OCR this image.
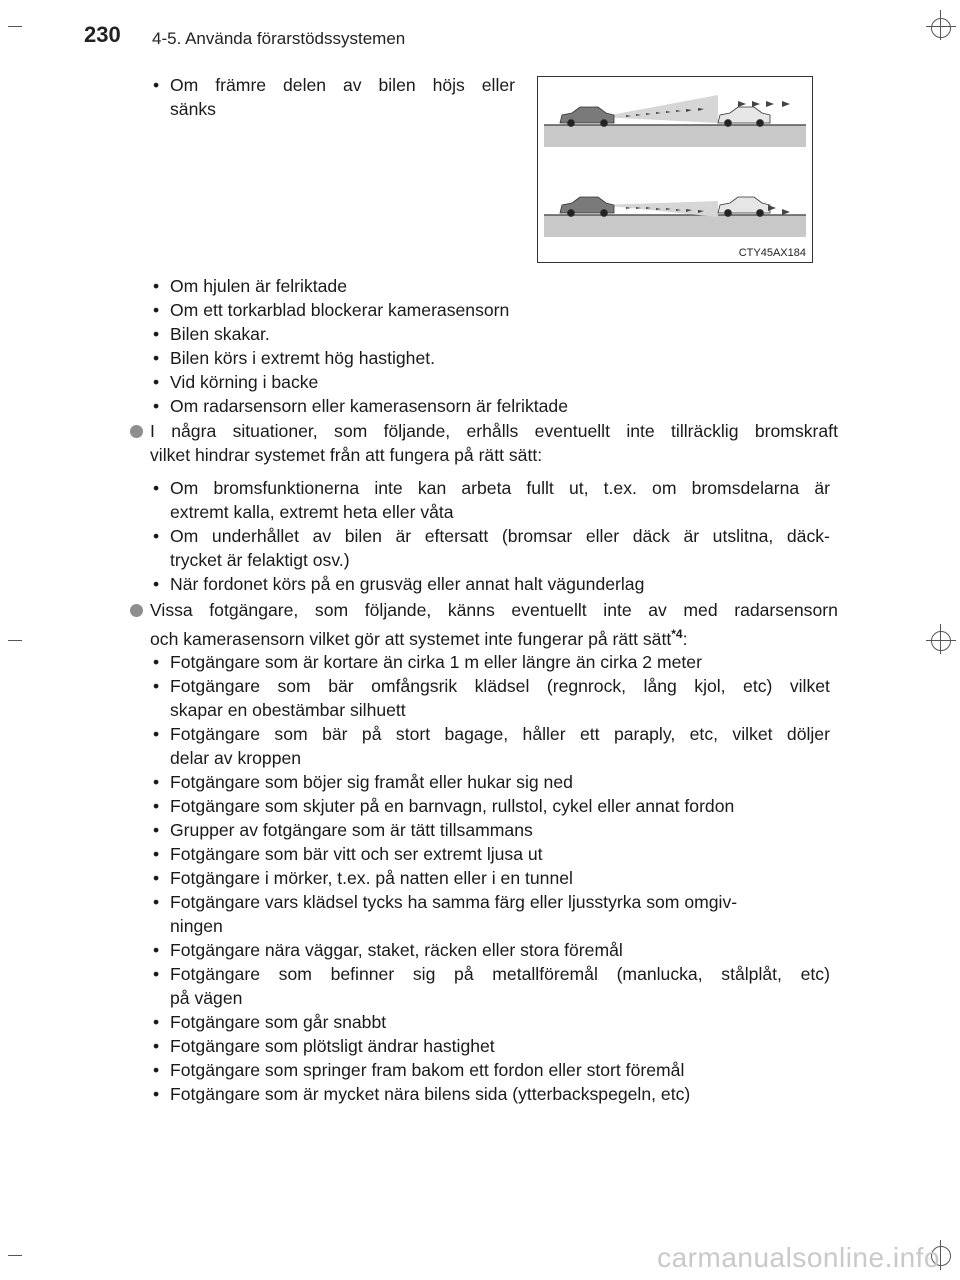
230 4-5. Använda förarstödssystemen
CTY45AX184
• Om främre delen av bilen höjs eller
sänks
• Om hjulen är felriktade
• Om ett torkarblad blockerar kamerasensorn
• Bilen skakar.
• Bilen körs i extremt hög hastighet.
• Vid körning i backe
• Om radarsensorn eller kamerasensorn är felriktade
I några situationer, som följande, erhålls eventuellt inte tillräcklig bromskraft
vilket hindrar systemet från att fungera på rätt sätt:
• Om bromsfunktionerna inte kan arbeta fullt ut, t.ex. om bromsdelarna är
extremt kalla, extremt heta eller våta
• Om underhållet av bilen är eftersatt (bromsar eller däck är utslitna, däck-
trycket är felaktigt osv.)
• När fordonet körs på en grusväg eller annat halt vägunderlag
Vissa fotgängare, som följande, känns eventuellt inte av med radarsensorn
och kamerasensorn vilket gör att systemet inte fungerar på rätt sätt$^{*4}$:
• Fotgängare som är kortare än cirka 1 m eller längre än cirka 2 meter
• Fotgängare som bär omfångsrik klädsel (regnrock, lång kjol, etc) vilket
skapar en obestämbar silhuett
• Fotgängare som bär på stort bagage, håller ett paraply, etc, vilket döljer
delar av kroppen
• Fotgängare som böjer sig framåt eller hukar sig ned
• Fotgängare som skjuter på en barnvagn, rullstol, cykel eller annat fordon
• Grupper av fotgängare som är tätt tillsammans
• Fotgängare som bär vitt och ser extremt ljusa ut
• Fotgängare i mörker, t.ex. på natten eller i en tunnel
• Fotgängare vars klädsel tycks ha samma färg eller ljusstyrka som omgiv-
ningen
• Fotgängare nära väggar, staket, räcken eller stora föremål
• Fotgängare som befinner sig på metallföremål (manlucka, stålplåt, etc)
på vägen
• Fotgängare som går snabbt
• Fotgängare som plötsligt ändrar hastighet
• Fotgängare som springer fram bakom ett fordon eller stort föremål
• Fotgängare som är mycket nära bilens sida (ytterbackspegeln, etc)
carmanualsonline.info
